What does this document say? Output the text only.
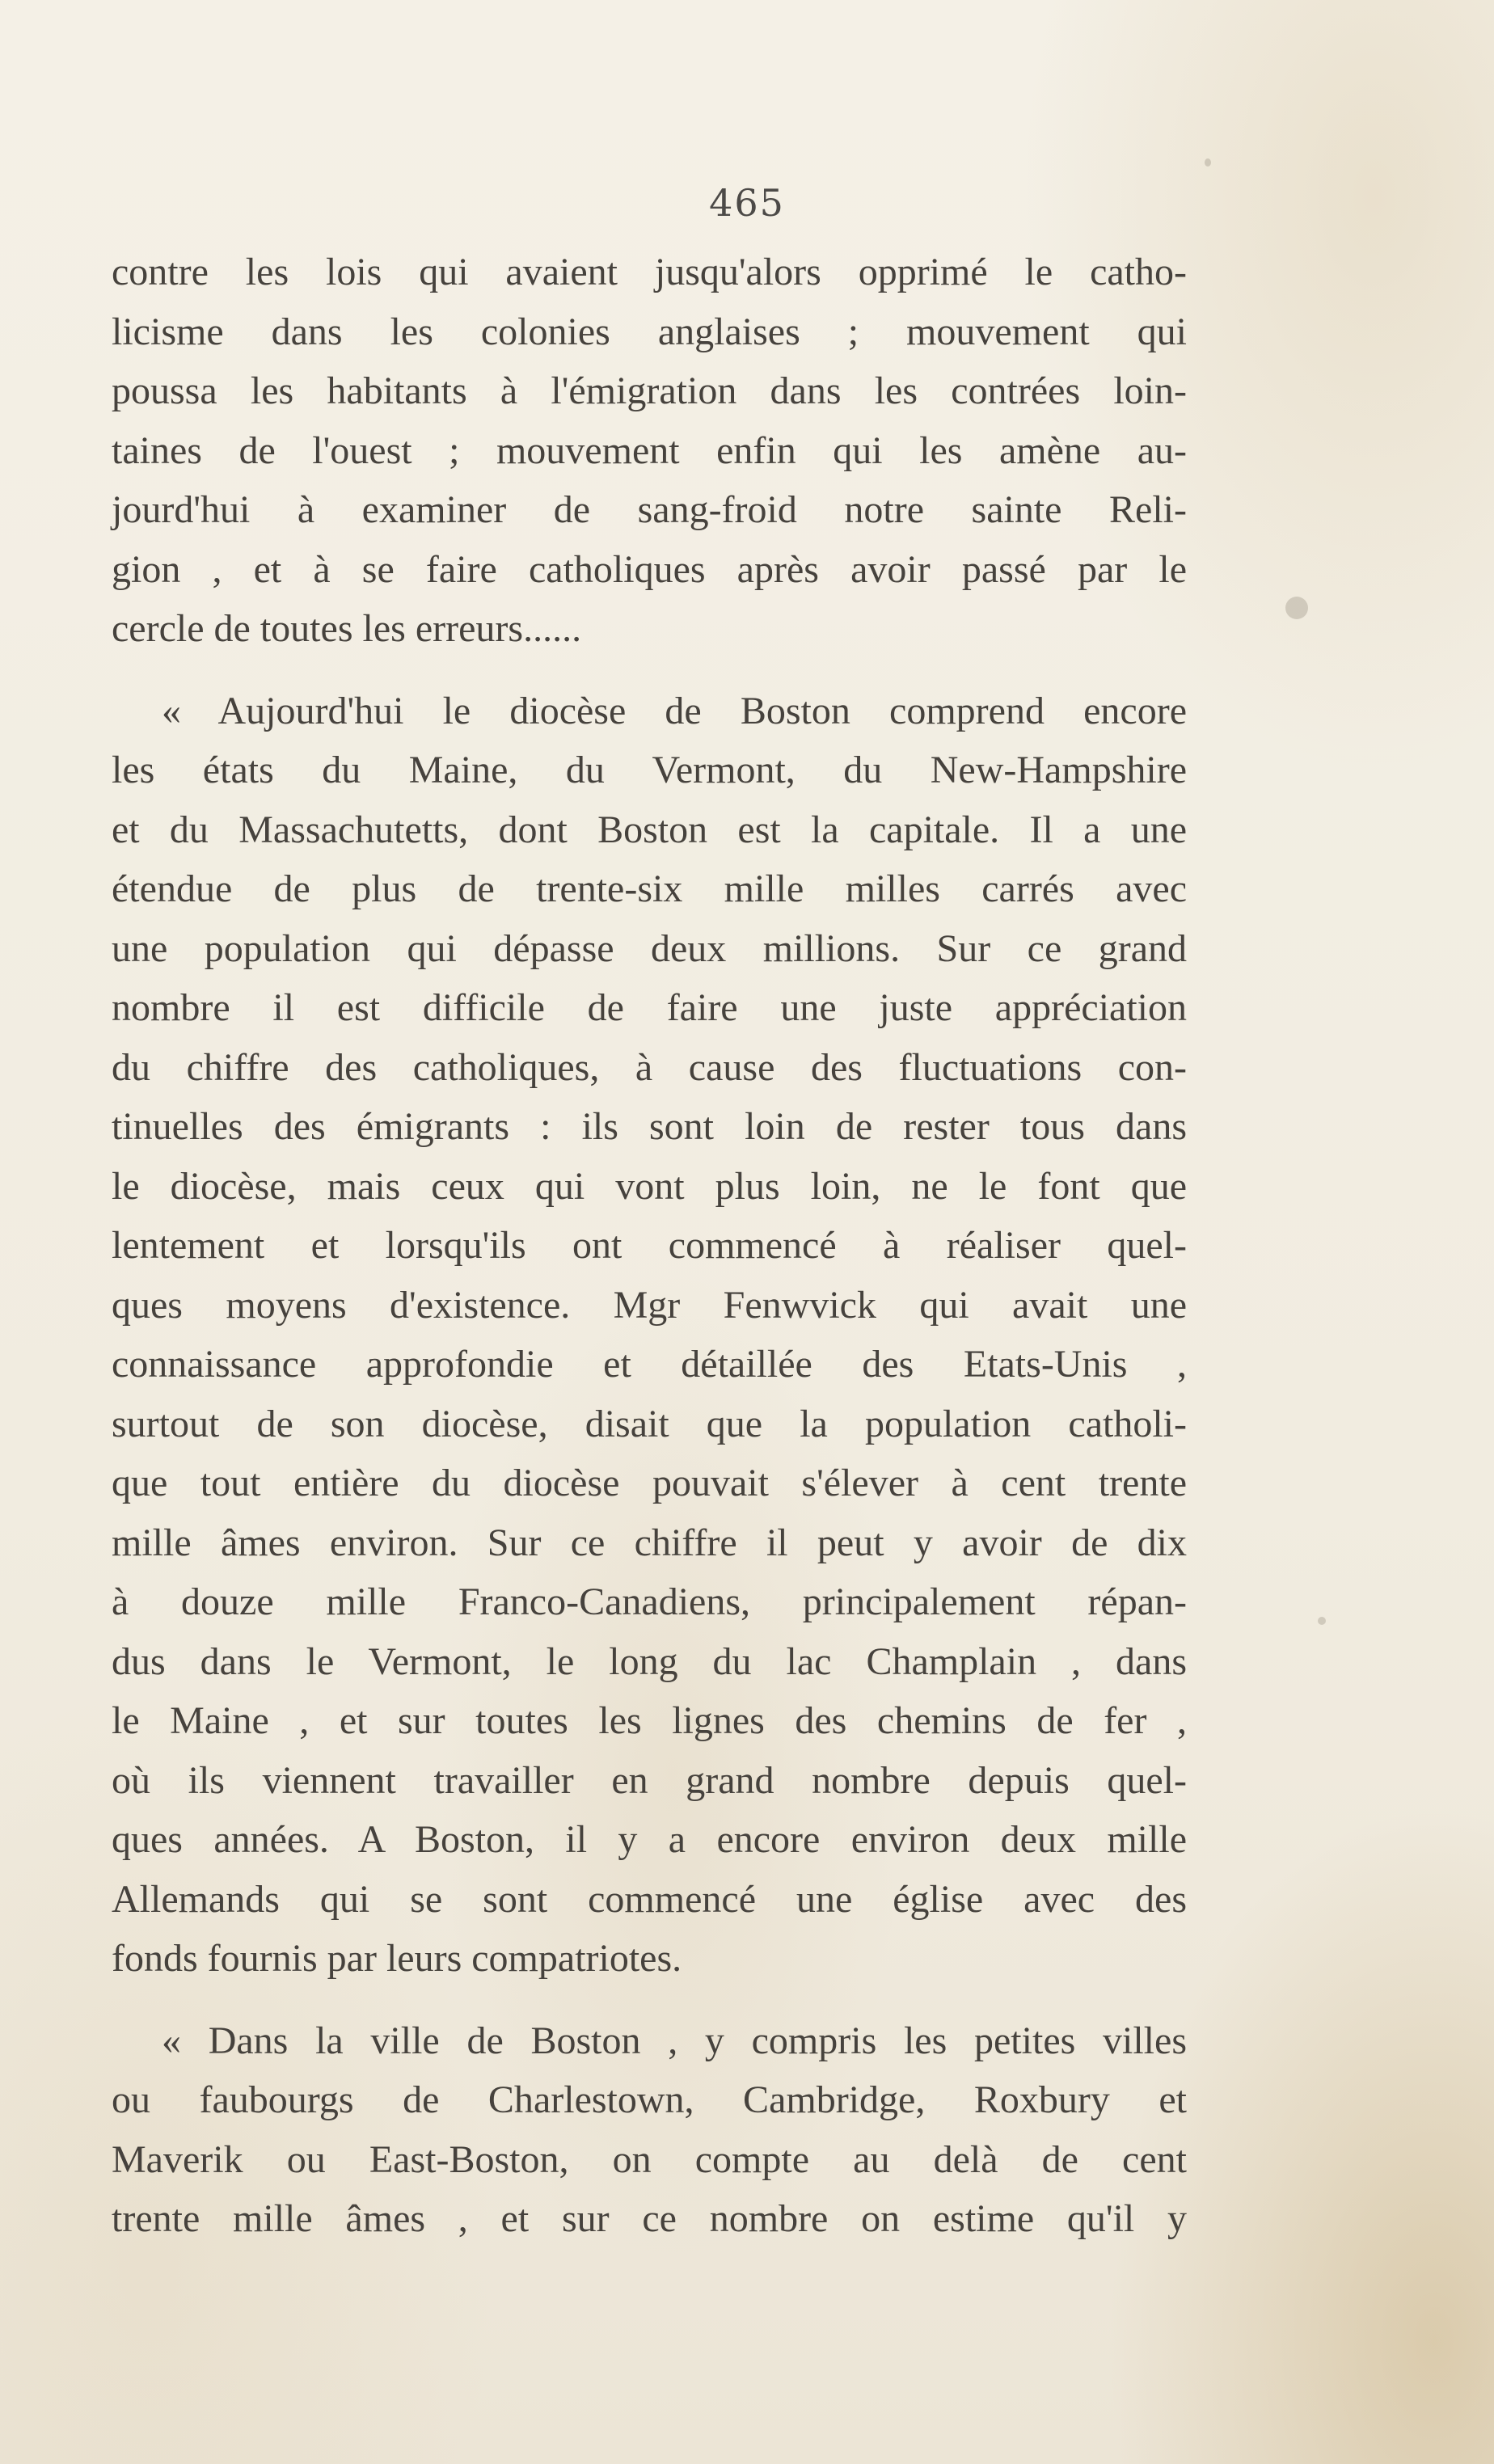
465
contre les lois qui avaient jusqu'alors opprimé le catho-
licisme dans les colonies anglaises ; mouvement qui
poussa les habitants à l'émigration dans les contrées loin-
taines de l'ouest ; mouvement enfin qui les amène au-
jourd'hui à examiner de sang-froid notre sainte Reli-
gion , et à se faire catholiques après avoir passé par le
cercle de toutes les erreurs......
« Aujourd'hui le diocèse de Boston comprend encore
les états du Maine, du Vermont, du New-Hampshire
et du Massachutetts, dont Boston est la capitale. Il a une
étendue de plus de trente-six mille milles carrés avec
une population qui dépasse deux millions. Sur ce grand
nombre il est difficile de faire une juste appréciation
du chiffre des catholiques, à cause des fluctuations con-
tinuelles des émigrants : ils sont loin de rester tous dans
le diocèse, mais ceux qui vont plus loin, ne le font que
lentement et lorsqu'ils ont commencé à réaliser quel-
ques moyens d'existence. Mgr Fenwvick qui avait une
connaissance approfondie et détaillée des Etats-Unis ,
surtout de son diocèse, disait que la population catholi-
que tout entière du diocèse pouvait s'élever à cent trente
mille âmes environ. Sur ce chiffre il peut y avoir de dix
à douze mille Franco-Canadiens, principalement répan-
dus dans le Vermont, le long du lac Champlain , dans
le Maine , et sur toutes les lignes des chemins de fer ,
où ils viennent travailler en grand nombre depuis quel-
ques années. A Boston, il y a encore environ deux mille
Allemands qui se sont commencé une église avec des
fonds fournis par leurs compatriotes.
« Dans la ville de Boston , y compris les petites villes
ou faubourgs de Charlestown, Cambridge, Roxbury et
Maverik ou East-Boston, on compte au delà de cent
trente mille âmes , et sur ce nombre on estime qu'il y
